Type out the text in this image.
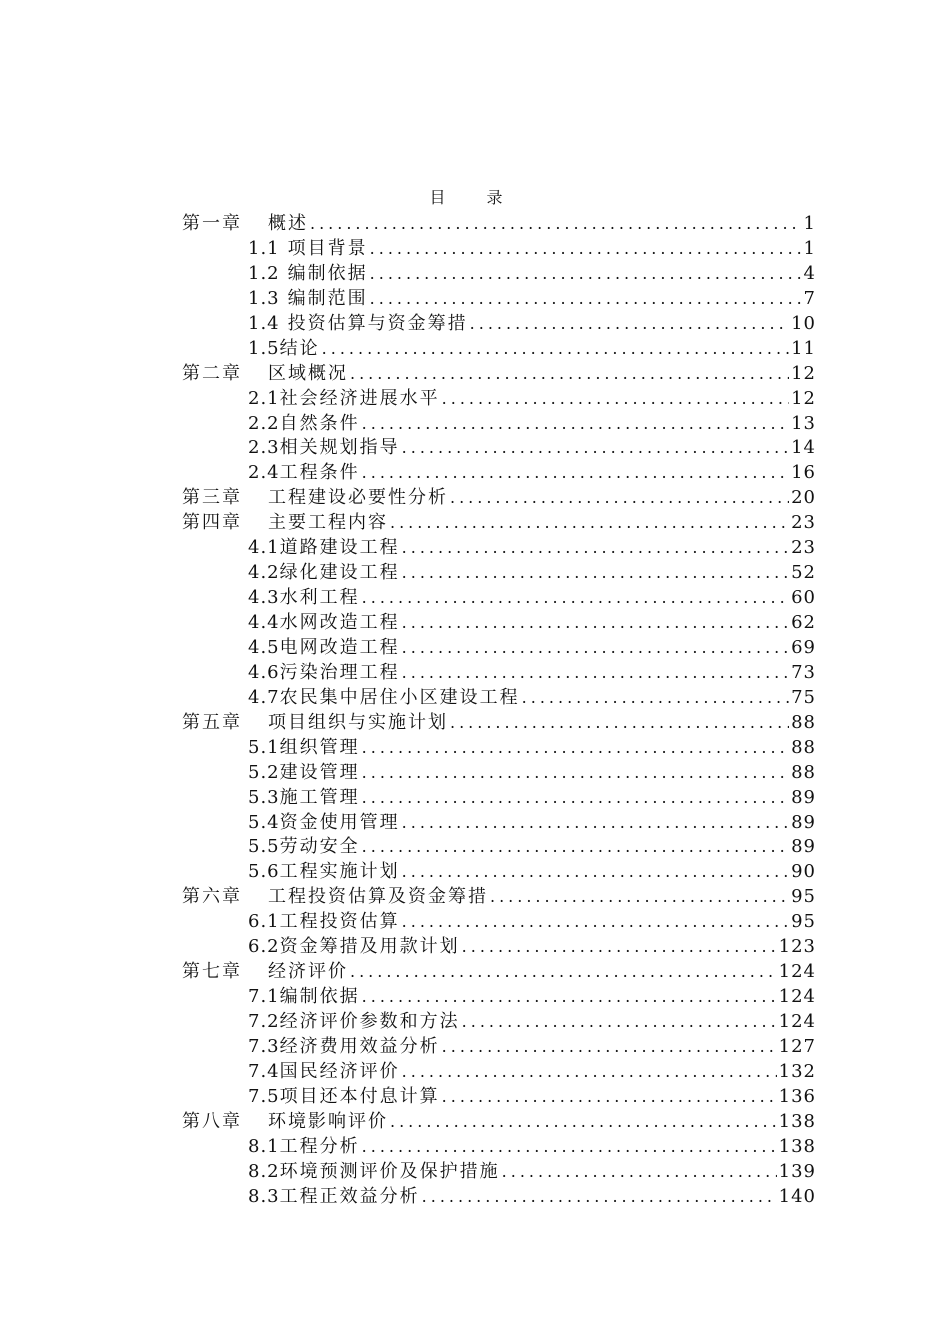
目 录
第一章 概述 .....	1
1.1 项目背景 .....	1
1.2 编制依据 .....	4
1.3 编制范围 .....	7
1.4 投资估算与资金筹措 .....	10
1.5 结论 .....	11
第二章 区域概况 .....	12
2.1 社会经济进展水平 .....	12
2.2 自然条件 .....	13
2.3 相关规划指导 .....	14
2.4 工程条件 .....	16
第三章 工程建设必要性分析 .....	20
第四章 主要工程内容 .....	23
4.1 道路建设工程 .....	23
4.2 绿化建设工程 .....	52
4.3 水利工程 .....	60
4.4 水网改造工程 .....	62
4.5 电网改造工程 .....	69
4.6 污染治理工程 .....	73
4.7 农民集中居住小区建设工程 .....	75
第五章 项目组织与实施计划 .....	88
5.1 组织管理 .....	88
5.2 建设管理 .....	88
5.3 施工管理 .....	89
5.4 资金使用管理 .....	89
5.5 劳动安全 .....	89
5.6 工程实施计划 .....	90
第六章 工程投资估算及资金筹措 .....	95
6.1 工程投资估算 .....	95
6.2 资金筹措及用款计划 .....	123
第七章 经济评价 .....	124
7.1 编制依据 .....	124
7.2 经济评价参数和方法 .....	124
7.3 经济费用效益分析 .....	127
7.4 国民经济评价 .....	132
7.5 项目还本付息计算 .....	136
第八章 环境影响评价 .....	138
8.1 工程分析 .....	138
8.2 环境预测评价及保护措施 .....	139
8.3 工程正效益分析 .....	140
